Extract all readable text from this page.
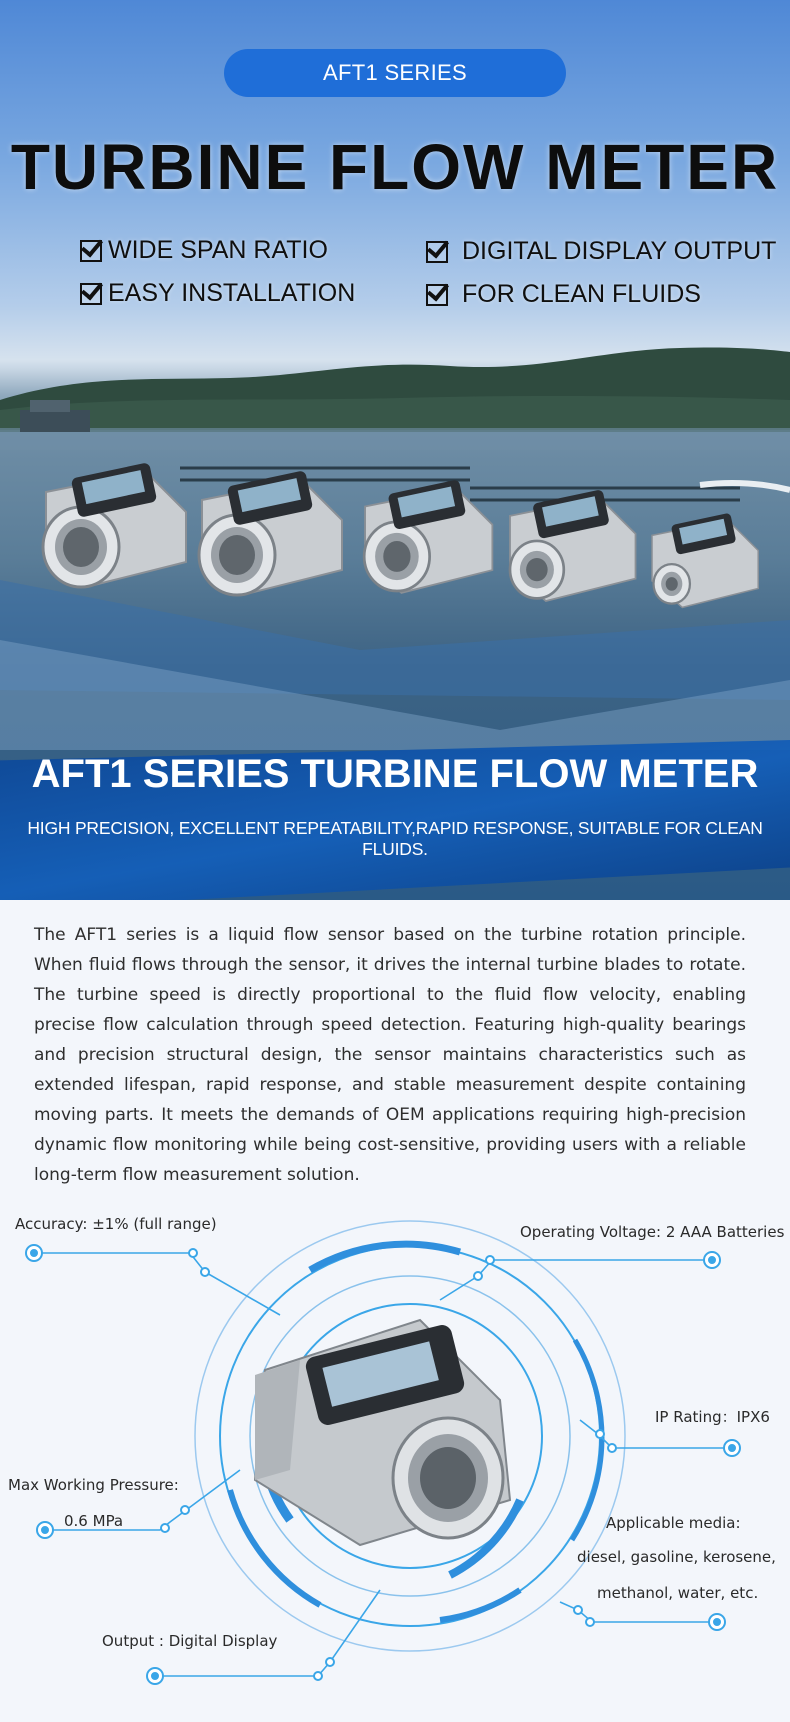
AFT1 SERIES
TURBINE FLOW METER
WIDE SPAN RATIO
EASY INSTALLATION
DIGITAL DISPLAY OUTPUT
FOR CLEAN FLUIDS
AFT1 SERIES TURBINE FLOW METER
HIGH PRECISION, EXCELLENT REPEATABILITY,RAPID RESPONSE, SUITABLE FOR CLEAN FLUIDS.
The AFT1 series is a liquid flow sensor based on the turbine rotation principle. When fluid flows through the sensor, it drives the internal turbine blades to rotate. The turbine speed is directly proportional to the fluid flow velocity, enabling precise flow calculation through speed detection. Featuring high-quality bearings and precision structural design, the sensor maintains characteristics such as extended lifespan, rapid response, and stable measurement despite containing moving parts. It meets the demands of OEM applications requiring high-precision dynamic flow monitoring while being cost-sensitive, providing users with a reliable long-term flow measurement solution.
Accuracy: ±1% (full range)	Operating Voltage: 2 AAA Batteries
IP Rating：IPX6
Max Working Pressure:
0.6 MPa	Applicable media:
diesel, gasoline, kerosene,
methanol, water, etc.
Output : Digital Display
